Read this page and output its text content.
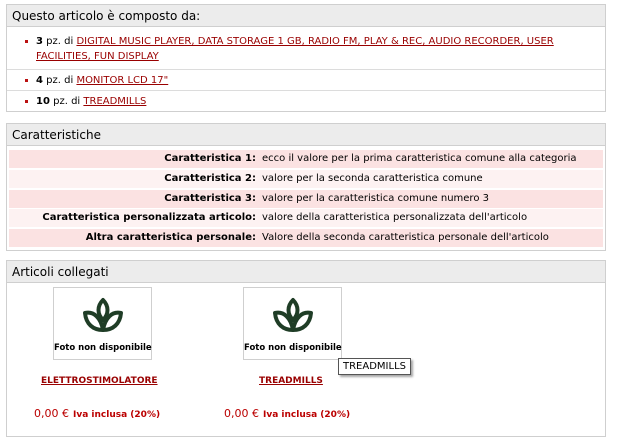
Questo articolo è composto da:
3 pz. di DIGITAL MUSIC PLAYER, DATA STORAGE 1 GB, RADIO FM, PLAY & REC, AUDIO RECORDER, USER FACILITIES, FUN DISPLAY
4 pz. di MONITOR LCD 17"
10 pz. di TREADMILLS
Caratteristiche
Caratteristica 1: ecco il valore per la prima caratteristica comune alla categoria
Caratteristica 2: valore per la seconda caratteristica comune
Caratteristica 3: valore per la caratteristica comune numero 3
Caratteristica personalizzata articolo: valore della caratteristica personalizzata dell'articolo
Altra caratteristica personale: Valore della seconda caratteristica personale dell'articolo
Articoli collegati
Foto non disponibile
ELETTROSTIMOLATORE
0,00 € Iva inclusa (20%)
Foto non disponibile
TREADMILLS
0,00 € Iva inclusa (20%)
TREADMILLS
